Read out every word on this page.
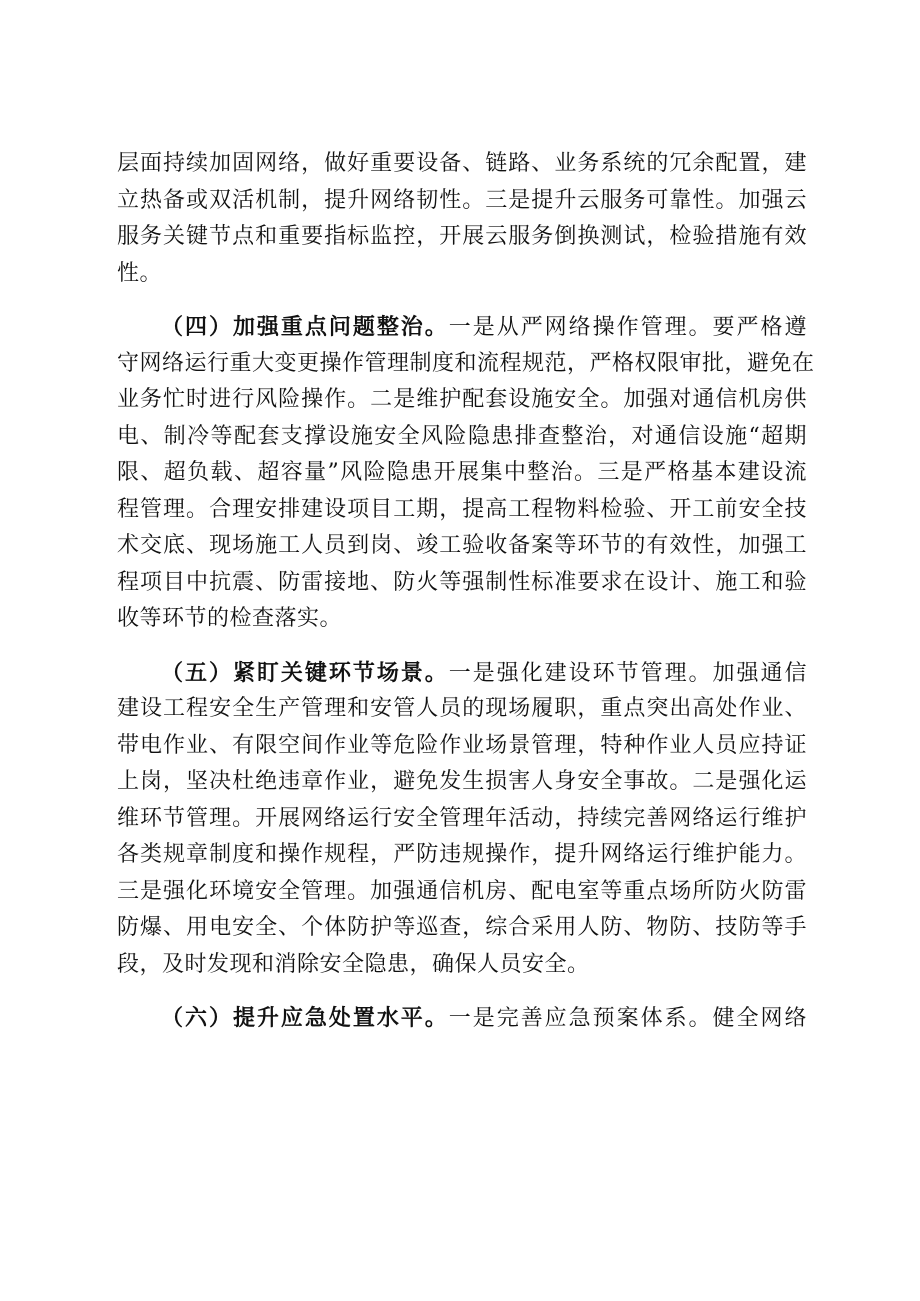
层面持续加固网络，做好重要设备、链路、业务系统的冗余配置，建
立热备或双活机制，提升网络韧性。三是提升云服务可靠性。加强云
服务关键节点和重要指标监控，开展云服务倒换测试，检验措施有效
性。
（四）加强重点问题整治。一是从严网络操作管理。要严格遵
守网络运行重大变更操作管理制度和流程规范，严格权限审批，避免在
业务忙时进行风险操作。二是维护配套设施安全。加强对通信机房供
电、制冷等配套支撑设施安全风险隐患排查整治，对通信设施“超期
限、超负载、超容量”风险隐患开展集中整治。三是严格基本建设流
程管理。合理安排建设项目工期，提高工程物料检验、开工前安全技
术交底、现场施工人员到岗、竣工验收备案等环节的有效性，加强工
程项目中抗震、防雷接地、防火等强制性标准要求在设计、施工和验
收等环节的检查落实。
（五）紧盯关键环节场景。一是强化建设环节管理。加强通信
建设工程安全生产管理和安管人员的现场履职，重点突出高处作业、
带电作业、有限空间作业等危险作业场景管理，特种作业人员应持证
上岗，坚决杜绝违章作业，避免发生损害人身安全事故。二是强化运
维环节管理。开展网络运行安全管理年活动，持续完善网络运行维护
各类规章制度和操作规程，严防违规操作，提升网络运行维护能力。
三是强化环境安全管理。加强通信机房、配电室等重点场所防火防雷
防爆、用电安全、个体防护等巡查，综合采用人防、物防、技防等手
段，及时发现和消除安全隐患，确保人员安全。
（六）提升应急处置水平。一是完善应急预案体系。健全网络
